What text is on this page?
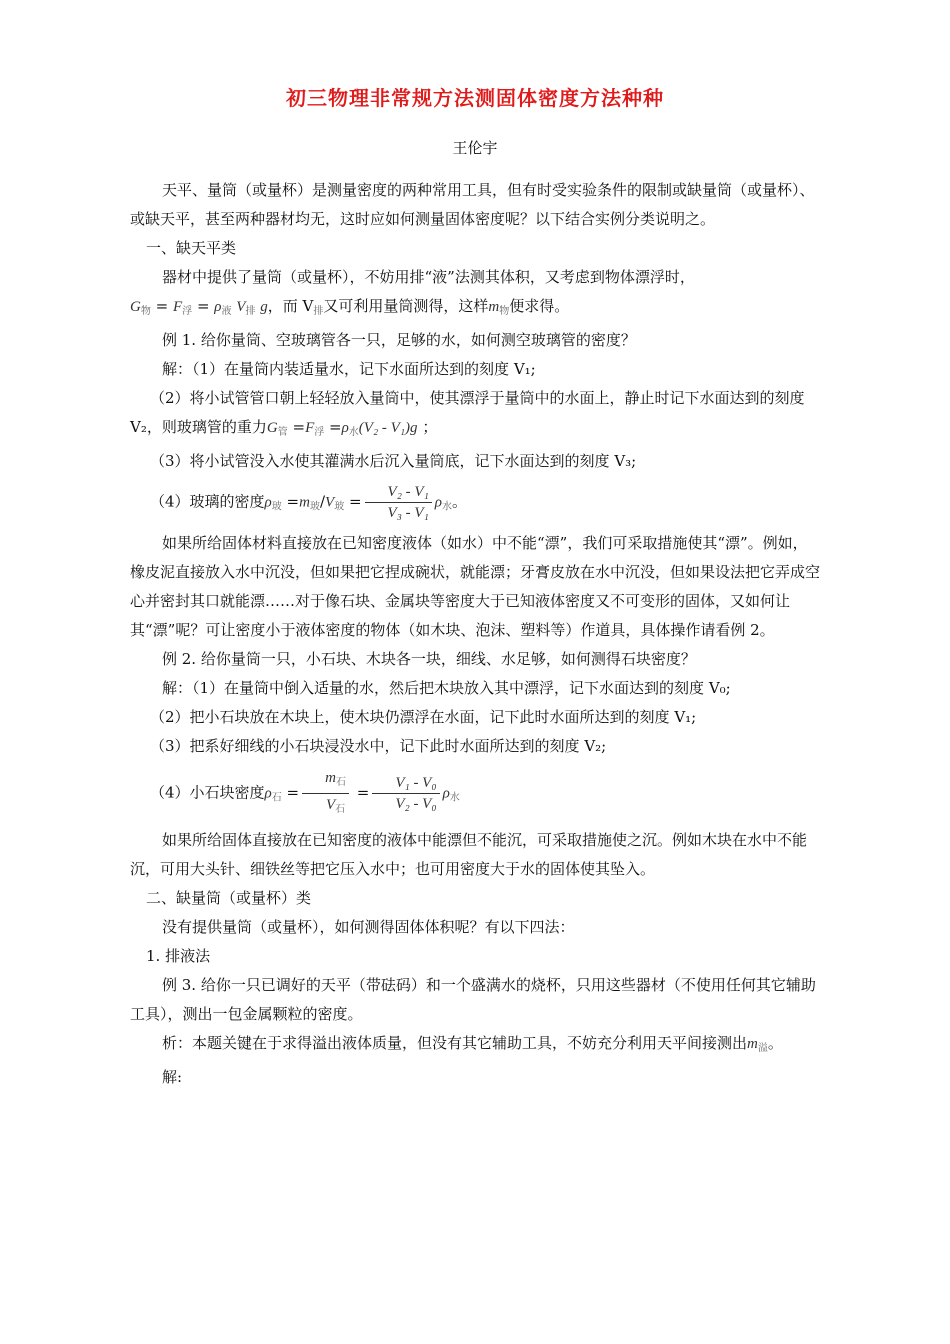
初三物理非常规方法测固体密度方法种种
王伦宇

天平、量筒（或量杯）是测量密度的两种常用工具，但有时受实验条件的限制或缺量筒（或量杯）、或缺天平，甚至两种器材均无，这时应如何测量固体密度呢？以下结合实例分类说明之。

一、缺天平类

器材中提供了量筒（或量杯），不妨用排“液”法测其体积，又考虑到物体漂浮时，

$G_物 = F_浮 = \rho_液$ $V_排$ g，而 $V_排$又可利用量筒测得，这样$m_物$便求得。

例 1. 给你量筒、空玻璃管各一只，足够的水，如何测空玻璃管的密度？

解：（1）在量筒内装适量水，记下水面所达到的刻度 V₁;

（2）将小试管管口朝上轻轻放入量筒中，使其漂浮于量筒中的水面上，静止时记下水面达到的刻度 V₂，则玻璃管的重力$G_管 =F_浮 =\rho_水(V_2 - V_1)g$ ；

（3）将小试管没入水使其灌满水后沉入量筒底，记下水面达到的刻度 V₃;

（4）玻璃的密度$\rho_玻 =m_玻/V_玻 = \frac{\text{V₂ - V₁}}{\text{V₃ - V₁}} \rho_水$。

如果所给固体材料直接放在已知密度液体（如水）中不能“漂”，我们可采取措施使其“漂”。例如，橡皮泥直接放入水中沉没，但如果把它捏成碗状，就能漂；牙膏皮放在水中沉没，但如果设法把它弄成空心并密封其口就能漂……对于像石块、金属块等密度大于已知液体密度又不可变形的固体，又如何让其“漂”呢？可让密度小于液体密度的物体（如木块、泡沫、塑料等）作道具，具体操作请看例 2。

例 2. 给你量筒一只，小石块、木块各一块，细线、水足够，如何测得石块密度？

解：（1）在量筒中倒入适量的水，然后把木块放入其中漂浮，记下水面达到的刻度 V₀;

（2）把小石块放在木块上，使木块仍漂浮在水面，记下此时水面所达到的刻度 V₁;

（3）把系好细线的小石块浸没水中，记下此时水面所达到的刻度 V₂;

（4）小石块密度$\rho_石 = \frac{m_石}{V_石} = \frac{\text{V₁ - V₀}}{\text{V₂ - V₀}} \rho_水$

如果所给固体直接放在已知密度的液体中能漂但不能沉，可采取措施使之沉。例如木块在水中不能沉，可用大头针、细铁丝等把它压入水中；也可用密度大于水的固体使其坠入。

二、缺量筒（或量杯）类

没有提供量筒（或量杯），如何测得固体体积呢？有以下四法：

1. 排液法

例 3. 给你一只已调好的天平（带砝码）和一个盛满水的烧杯，只用这些器材（不使用任何其它辅助工具），测出一包金属颗粒的密度。

析：本题关键在于求得溢出液体质量，但没有其它辅助工具，不妨充分利用天平间接测出$m_溢$。

解:
